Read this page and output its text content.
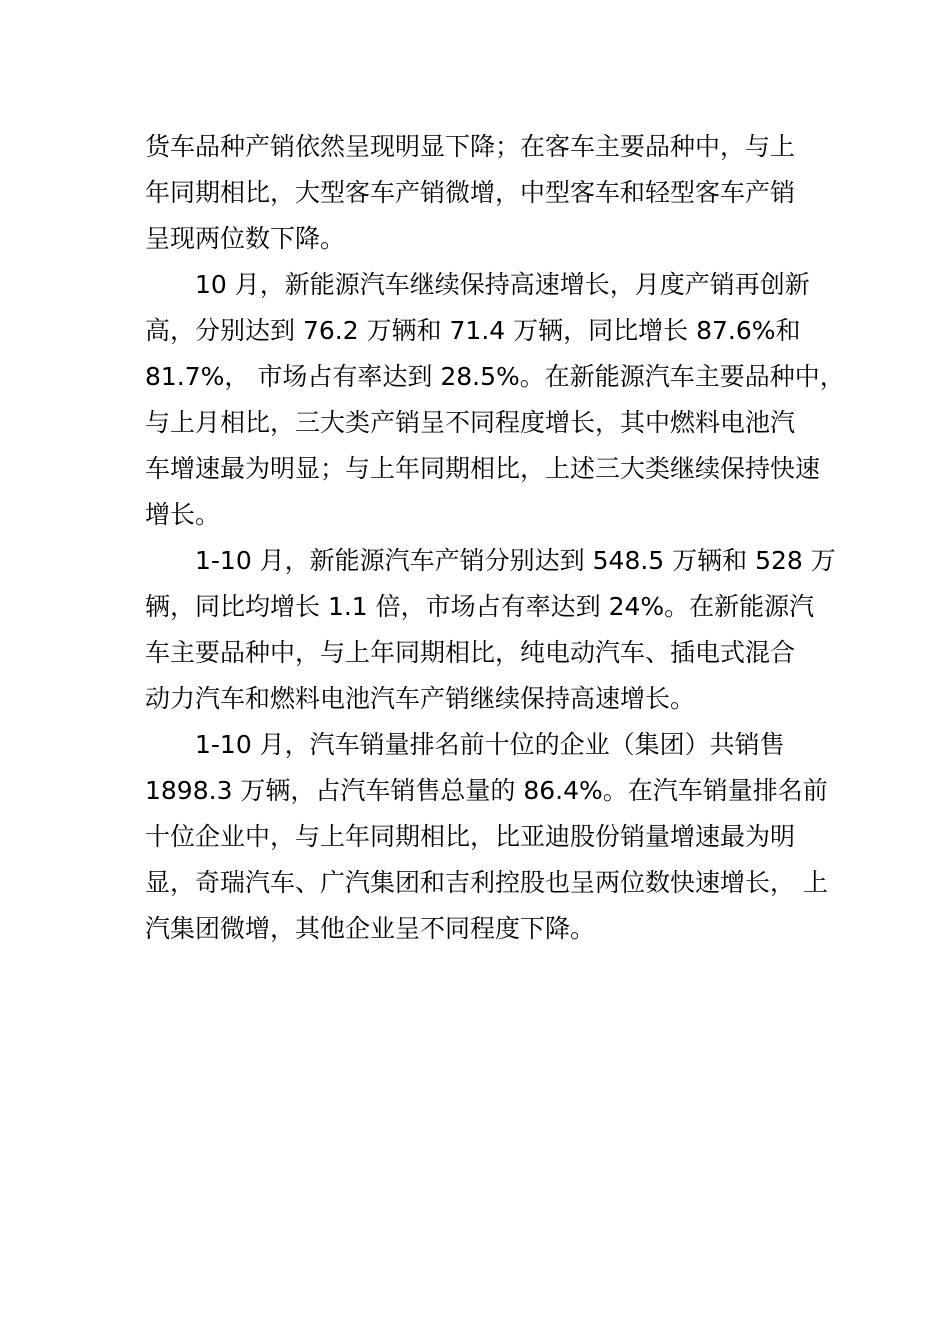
货车品种产销依然呈现明显下降；在客车主要品种中，与上
年同期相比，大型客车产销微增，中型客车和轻型客车产销
呈现两位数下降。
10 月，新能源汽车继续保持高速增长，月度产销再创新
高，分别达到 76.2 万辆和 71.4 万辆，同比增长 87.6%和
81.7%， 市场占有率达到 28.5%。在新能源汽车主要品种中，
与上月相比，三大类产销呈不同程度增长，其中燃料电池汽
车增速最为明显；与上年同期相比，上述三大类继续保持快速
增长。
1-10 月，新能源汽车产销分别达到 548.5 万辆和 528 万
辆，同比均增长 1.1 倍，市场占有率达到 24%。在新能源汽
车主要品种中，与上年同期相比，纯电动汽车、插电式混合
动力汽车和燃料电池汽车产销继续保持高速增长。
1-10 月，汽车销量排名前十位的企业（集团）共销售
1898.3 万辆，占汽车销售总量的 86.4%。在汽车销量排名前
十位企业中，与上年同期相比，比亚迪股份销量增速最为明
显，奇瑞汽车、广汽集团和吉利控股也呈两位数快速增长， 上
汽集团微增，其他企业呈不同程度下降。
